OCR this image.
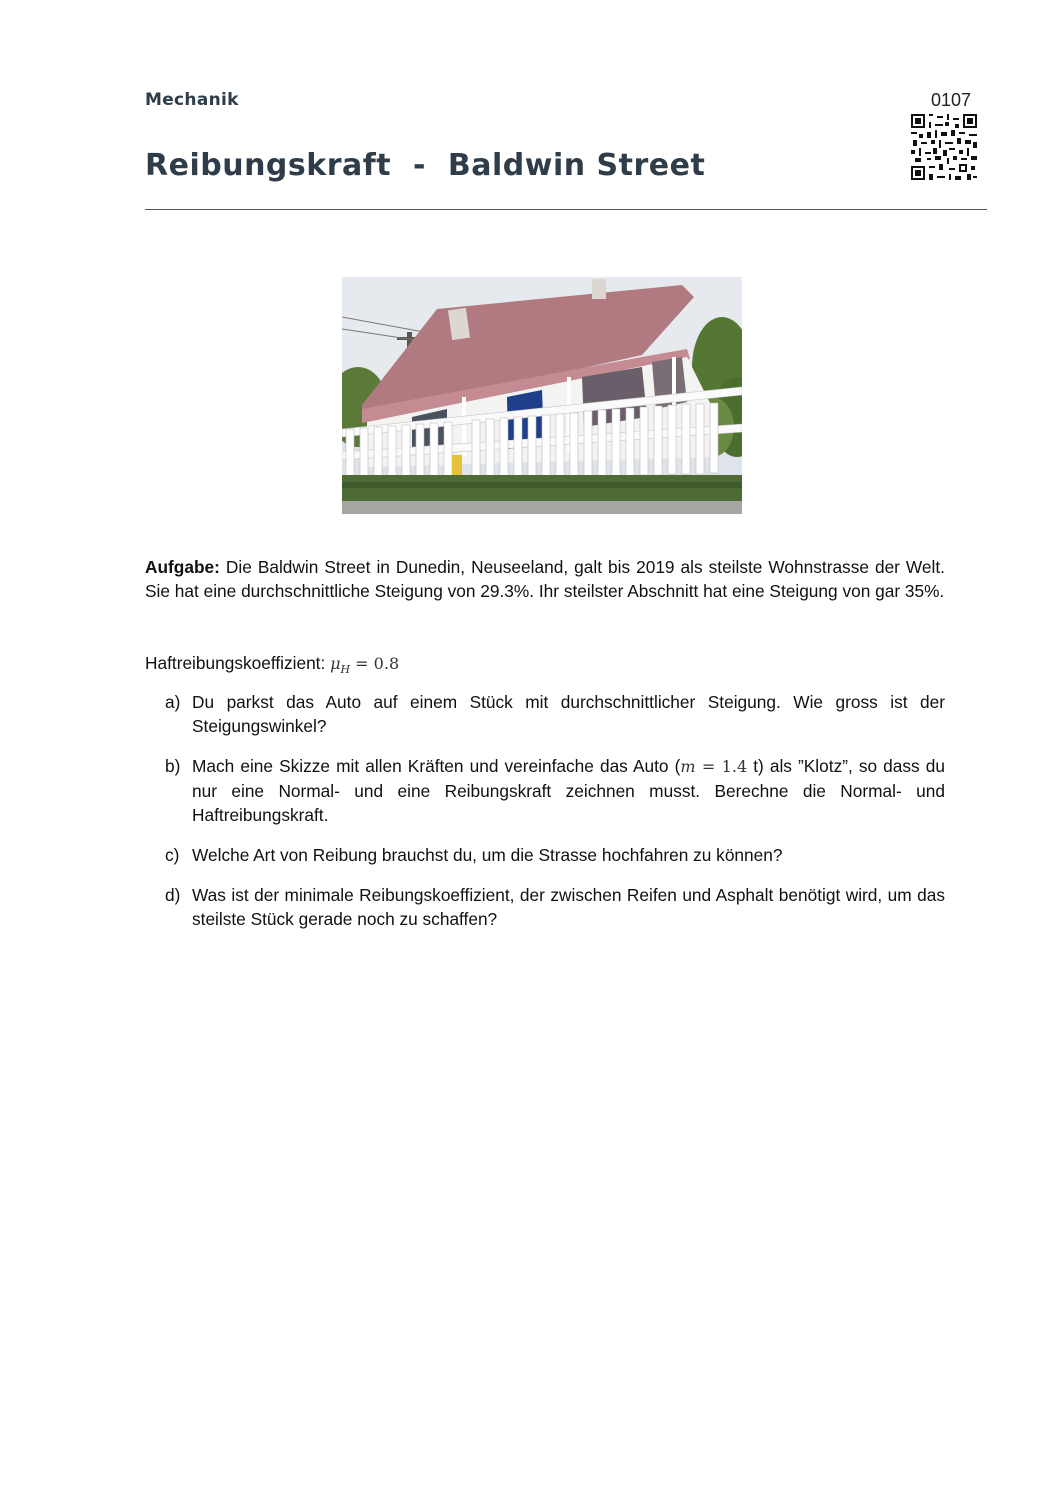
Mechanik	0107
Reibungskraft  -  Baldwin Street
Aufgabe: Die Baldwin Street in Dunedin, Neuseeland, galt bis 2019 als steilste Wohnstrasse der Welt. Sie hat eine durchschnittliche Steigung von 29.3%. Ihr steilster Abschnitt hat eine Steigung von gar 35%.
Haftreibungskoeffizient: $\mu_H = 0.8$
a) Du parkst das Auto auf einem Stück mit durchschnittlicher Steigung. Wie gross ist der Steigungswinkel?
b) Mach eine Skizze mit allen Kräften und vereinfache das Auto (m = 1.4 t) als ”Klotz”, so dass du nur eine Normal- und eine Reibungskraft zeichnen musst. Berechne die Normal- und Haftreibungskraft.
c) Welche Art von Reibung brauchst du, um die Strasse hochfahren zu können?
d) Was ist der minimale Reibungskoeffizient, der zwischen Reifen und Asphalt benötigt wird, um das steilste Stück gerade noch zu schaffen?
